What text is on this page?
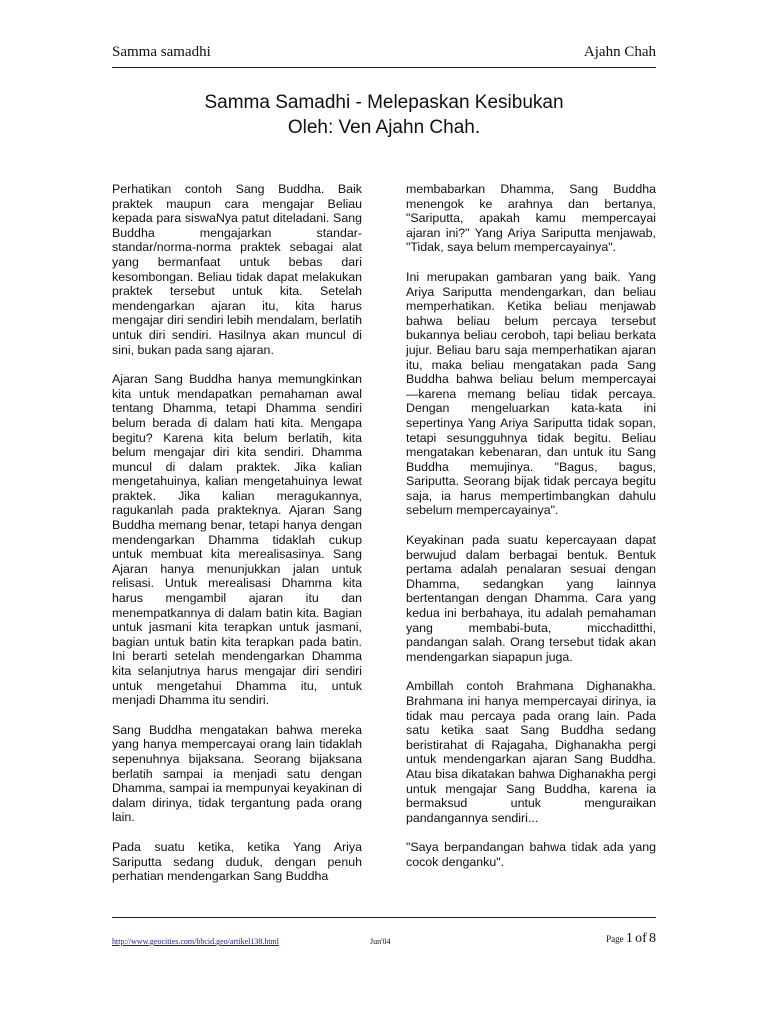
Samma samadhi	Ajahn Chah
Samma Samadhi - Melepaskan Kesibukan
Oleh: Ven Ajahn Chah.

Perhatikan contoh Sang Buddha. Baik praktek maupun cara mengajar Beliau kepada para siswaNya patut diteladani. Sang Buddha mengajarkan standar-standar/norma-norma praktek sebagai alat yang bermanfaat untuk bebas dari kesombongan. Beliau tidak dapat melakukan praktek tersebut untuk kita. Setelah mendengarkan ajaran itu, kita harus mengajar diri sendiri lebih mendalam, berlatih untuk diri sendiri. Hasilnya akan muncul di sini, bukan pada sang ajaran.

Ajaran Sang Buddha hanya memungkinkan kita untuk mendapatkan pemahaman awal tentang Dhamma, tetapi Dhamma sendiri belum berada di dalam hati kita. Mengapa begitu? Karena kita belum berlatih, kita belum mengajar diri kita sendiri. Dhamma muncul di dalam praktek. Jika kalian mengetahuinya, kalian mengetahuinya lewat praktek. Jika kalian meragukannya, ragukanlah pada prakteknya. Ajaran Sang Buddha memang benar, tetapi hanya dengan mendengarkan Dhamma tidaklah cukup untuk membuat kita merealisasinya. Sang Ajaran hanya menunjukkan jalan untuk relisasi. Untuk merealisasi Dhamma kita harus mengambil ajaran itu dan menempatkannya di dalam batin kita. Bagian untuk jasmani kita terapkan untuk jasmani, bagian untuk batin kita terapkan pada batin. Ini berarti setelah mendengarkan Dhamma kita selanjutnya harus mengajar diri sendiri untuk mengetahui Dhamma itu, untuk menjadi Dhamma itu sendiri.

Sang Buddha mengatakan bahwa mereka yang hanya mempercayai orang lain tidaklah sepenuhnya bijaksana. Seorang bijaksana berlatih sampai ia menjadi satu dengan Dhamma, sampai ia mempunyai keyakinan di dalam dirinya, tidak tergantung pada orang lain.

Pada suatu ketika, ketika Yang Ariya Sariputta sedang duduk, dengan penuh perhatian mendengarkan Sang Buddha

membabarkan Dhamma, Sang Buddha menengok ke arahnya dan bertanya, "Sariputta, apakah kamu mempercayai ajaran ini?" Yang Ariya Sariputta menjawab, "Tidak, saya belum mempercayainya".

Ini merupakan gambaran yang baik. Yang Ariya Sariputta mendengarkan, dan beliau memperhatikan. Ketika beliau menjawab bahwa beliau belum percaya tersebut bukannya beliau ceroboh, tapi beliau berkata jujur. Beliau baru saja memperhatikan ajaran itu, maka beliau mengatakan pada Sang Buddha bahwa beliau belum mempercayai —karena memang beliau tidak percaya. Dengan mengeluarkan kata-kata ini sepertinya Yang Ariya Sariputta tidak sopan, tetapi sesungguhnya tidak begitu. Beliau mengatakan kebenaran, dan untuk itu Sang Buddha memujinya. "Bagus, bagus, Sariputta. Seorang bijak tidak percaya begitu saja, ia harus mempertimbangkan dahulu sebelum mempercayainya".

Keyakinan pada suatu kepercayaan dapat berwujud dalam berbagai bentuk. Bentuk pertama adalah penalaran sesuai dengan Dhamma, sedangkan yang lainnya bertentangan dengan Dhamma. Cara yang kedua ini berbahaya, itu adalah pemahaman yang membabi-buta, micchaditthi, pandangan salah. Orang tersebut tidak akan mendengarkan siapapun juga.

Ambillah contoh Brahmana Dighanakha. Brahmana ini hanya mempercayai dirinya, ia tidak mau percaya pada orang lain. Pada satu ketika saat Sang Buddha sedang beristirahat di Rajagaha, Dighanakha pergi untuk mendengarkan ajaran Sang Buddha. Atau bisa dikatakan bahwa Dighanakha pergi untuk mengajar Sang Buddha, karena ia bermaksud untuk menguraikan pandangannya sendiri...

"Saya berpandangan bahwa tidak ada yang cocok denganku".

http://www.geocities.com/bbcid.geo/artikel138.html	Jun'04	Page 1 of 8
